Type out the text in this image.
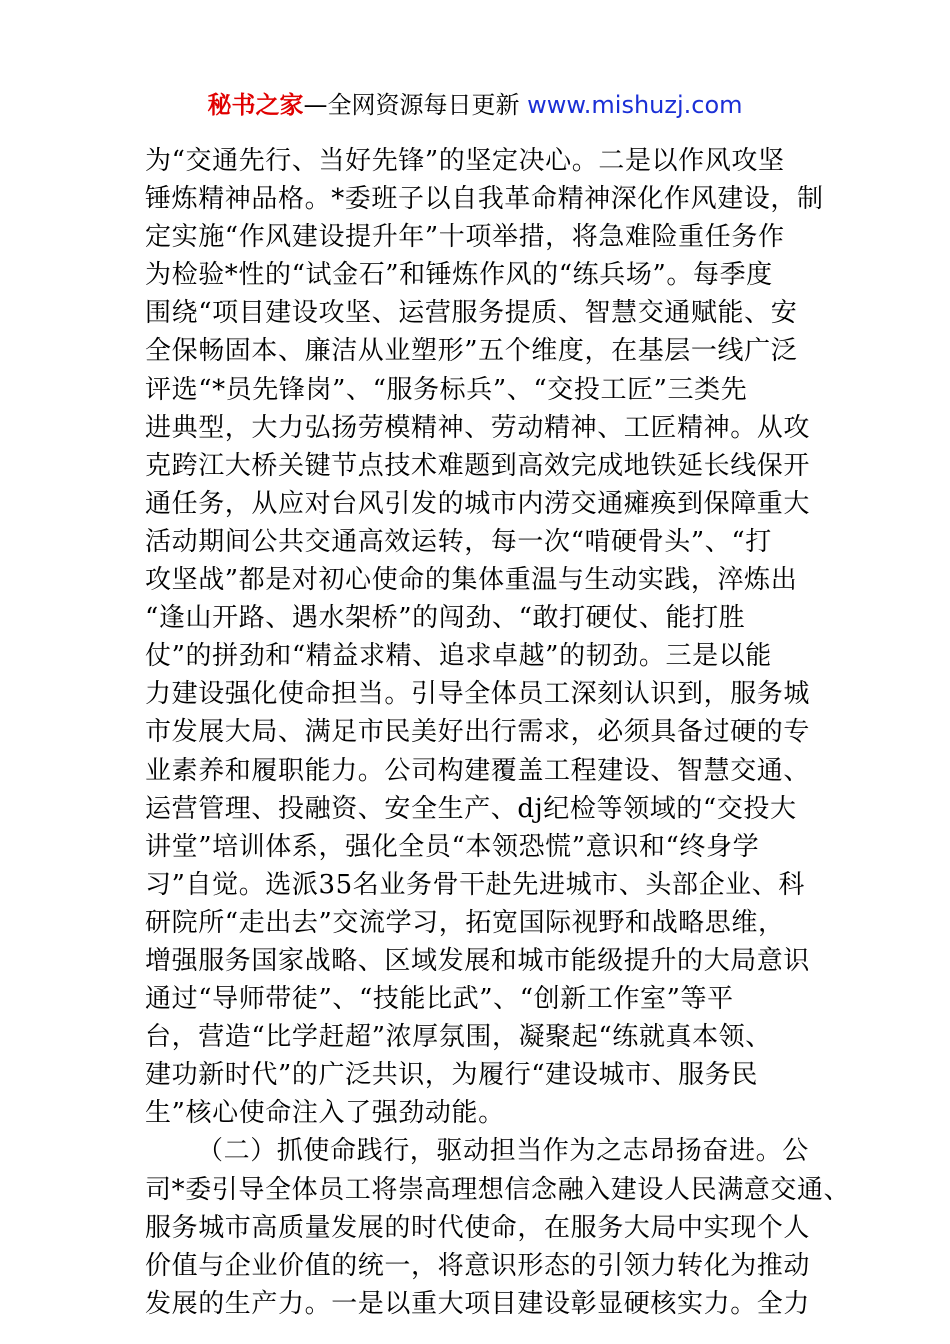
秘书之家—全网资源每日更新 www.mishuzj.com
为“交通先行、当好先锋”的坚定决心。二是以作风攻坚
锤炼精神品格。*委班子以自我革命精神深化作风建设，制
定实施“作风建设提升年”十项举措，将急难险重任务作
为检验*性的“试金石”和锤炼作风的“练兵场”。每季度
围绕“项目建设攻坚、运营服务提质、智慧交通赋能、安
全保畅固本、廉洁从业塑形”五个维度，在基层一线广泛
评选“*员先锋岗”、“服务标兵”、“交投工匠”三类先
进典型，大力弘扬劳模精神、劳动精神、工匠精神。从攻
克跨江大桥关键节点技术难题到高效完成地铁延长线保开
通任务，从应对台风引发的城市内涝交通瘫痪到保障重大
活动期间公共交通高效运转，每一次“啃硬骨头”、“打
攻坚战”都是对初心使命的集体重温与生动实践，淬炼出
“逢山开路、遇水架桥”的闯劲、“敢打硬仗、能打胜
仗”的拼劲和“精益求精、追求卓越”的韧劲。三是以能
力建设强化使命担当。引导全体员工深刻认识到，服务城
市发展大局、满足市民美好出行需求，必须具备过硬的专
业素养和履职能力。公司构建覆盖工程建设、智慧交通、
运营管理、投融资、安全生产、dj纪检等领域的“交投大
讲堂”培训体系，强化全员“本领恐慌”意识和“终身学
习”自觉。选派35名业务骨干赴先进城市、头部企业、科
研院所“走出去”交流学习，拓宽国际视野和战略思维，
增强服务国家战略、区域发展和城市能级提升的大局意识
通过“导师带徒”、“技能比武”、“创新工作室”等平
台，营造“比学赶超”浓厚氛围，凝聚起“练就真本领、
建功新时代”的广泛共识，为履行“建设城市、服务民
生”核心使命注入了强劲动能。
（二）抓使命践行，驱动担当作为之志昂扬奋进。公
司*委引导全体员工将崇高理想信念融入建设人民满意交通、
服务城市高质量发展的时代使命，在服务大局中实现个人
价值与企业价值的统一，将意识形态的引领力转化为推动
发展的生产力。一是以重大项目建设彰显硬核实力。全力
